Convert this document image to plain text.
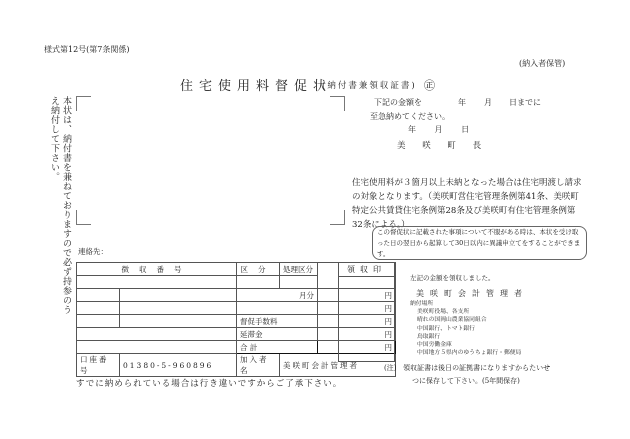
様式第12号(第7条関係)
(納入者保管)
住宅使用料督促状
(納付書兼領収証書) ㊣
本状は、納付書を兼ねておりますので必ず持参のう
え納付して下さい。	下記の金額を	年 月 日までに
至急納めてください。
年 月 日
美 咲 町 長
住宅使用料が３箇月以上未納となった場合は住宅明渡し請求の対象となります。（美咲町営住宅管理条例第41条、美咲町特定公共賃貸住宅条例第28条及び美咲町有住宅管理条例第32条による。）
この督促状に記載された事項について不服がある時は、本状を受け取った日の翌日から起算して30日以内に異議申立てをすることができます。
連絡先：
徴収番号		区分	処理区分	

		月分		円
				円
		督促手数料		円
		延滞金		円
		合 計		円
口座番号	01380-5-960896	加入者名	美咲町会計管理者	
領収印
左記の金額を領収しました。
美咲町会計管理者
納付場所
美咲町役場、各支所
晴れの国岡山農業協同組合
中国銀行、トマト銀行
鳥取銀行
中国労働金庫
中国地方５県内のゆうちょ銀行・郵便局
(注) 領収証書は後日の証拠書になりますからたいせ
つに保存して下さい。(5年間保存)
すでに納められている場合は行き違いですからご了承下さい。
